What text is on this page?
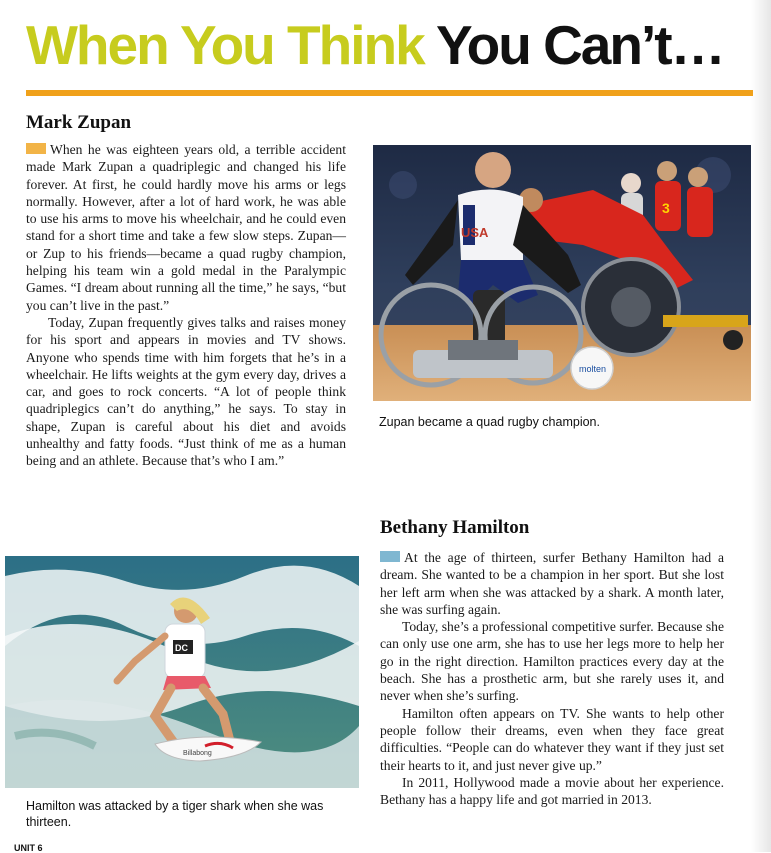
When You Think You Can’t…
Mark Zupan

When he was eighteen years old, a terrible accident made Mark Zupan a quadriplegic and changed his life forever. At first, he could hardly move his arms or legs normally. However, after a lot of hard work, he was able to use his arms to move his wheelchair, and he could even stand for a short time and take a few slow steps. Zupan—or Zup to his friends—became a quad rugby champion, helping his team win a gold medal in the Paralympic Games. “I dream about running all the time,” he says, “but you can’t live in the past.”

Today, Zupan frequently gives talks and raises money for his sport and appears in movies and TV shows. Anyone who spends time with him forgets that he’s in a wheelchair. He lifts weights at the gym every day, drives a car, and goes to rock concerts. “A lot of people think quadriplegics can’t do anything,” he says. To stay in shape, Zupan is careful about his diet and avoids unhealthy and fatty foods. “Just think of me as a human being and an athlete. Because that’s who I am.”

3
USA
molten
Zupan became a quad rugby champion.
DC
Billabong
Hamilton was attacked by a tiger shark when she was thirteen.
Bethany Hamilton

At the age of thirteen, surfer Bethany Hamilton had a dream. She wanted to be a champion in her sport. But she lost her left arm when she was attacked by a shark. A month later, she was surfing again.

Today, she’s a professional competitive surfer. Because she can only use one arm, she has to use her legs more to help her go in the right direction. Hamilton practices every day at the beach. She has a prosthetic arm, but she rarely uses it, and never when she’s surfing.

Hamilton often appears on TV. She wants to help other people follow their dreams, even when they face great difficulties. “People can do whatever they want if they just set their hearts to it, and just never give up.”

In 2011, Hollywood made a movie about her experience. Bethany has a happy life and got married in 2013.

UNIT 6
